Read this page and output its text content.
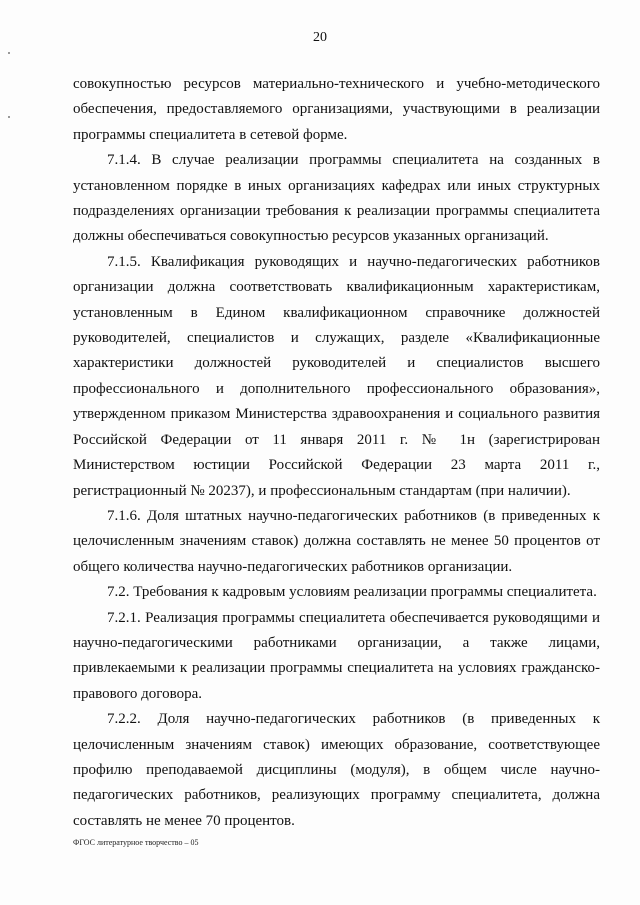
20

совокупностью ресурсов материально-технического и учебно-методического обеспечения, предоставляемого организациями, участвующими в реализации программы специалитета в сетевой форме.

7.1.4. В случае реализации программы специалитета на созданных в установленном порядке в иных организациях кафедрах или иных структурных подразделениях организации требования к реализации программы специалитета должны обеспечиваться совокупностью ресурсов указанных организаций.

7.1.5. Квалификация руководящих и научно-педагогических работников организации должна соответствовать квалификационным характеристикам, установленным в Едином квалификационном справочнике должностей руководителей, специалистов и служащих, разделе «Квалификационные характеристики должностей руководителей и специалистов высшего профессионального и дополнительного профессионального образования», утвержденном приказом Министерства здравоохранения и социального развития Российской Федерации от 11 января 2011 г. № 1н (зарегистрирован Министерством юстиции Российской Федерации 23 марта 2011 г., регистрационный № 20237), и профессиональным стандартам (при наличии).

7.1.6. Доля штатных научно-педагогических работников (в приведенных к целочисленным значениям ставок) должна составлять не менее 50 процентов от общего количества научно-педагогических работников организации.

7.2. Требования к кадровым условиям реализации программы специалитета.

7.2.1. Реализация программы специалитета обеспечивается руководящими и научно-педагогическими работниками организации, а также лицами, привлекаемыми к реализации программы специалитета на условиях гражданско-правового договора.

7.2.2. Доля научно-педагогических работников (в приведенных к целочисленным значениям ставок) имеющих образование, соответствующее профилю преподаваемой дисциплины (модуля), в общем числе научно-педагогических работников, реализующих программу специалитета, должна составлять не менее 70 процентов.

ФГОС литературное творчество – 05
